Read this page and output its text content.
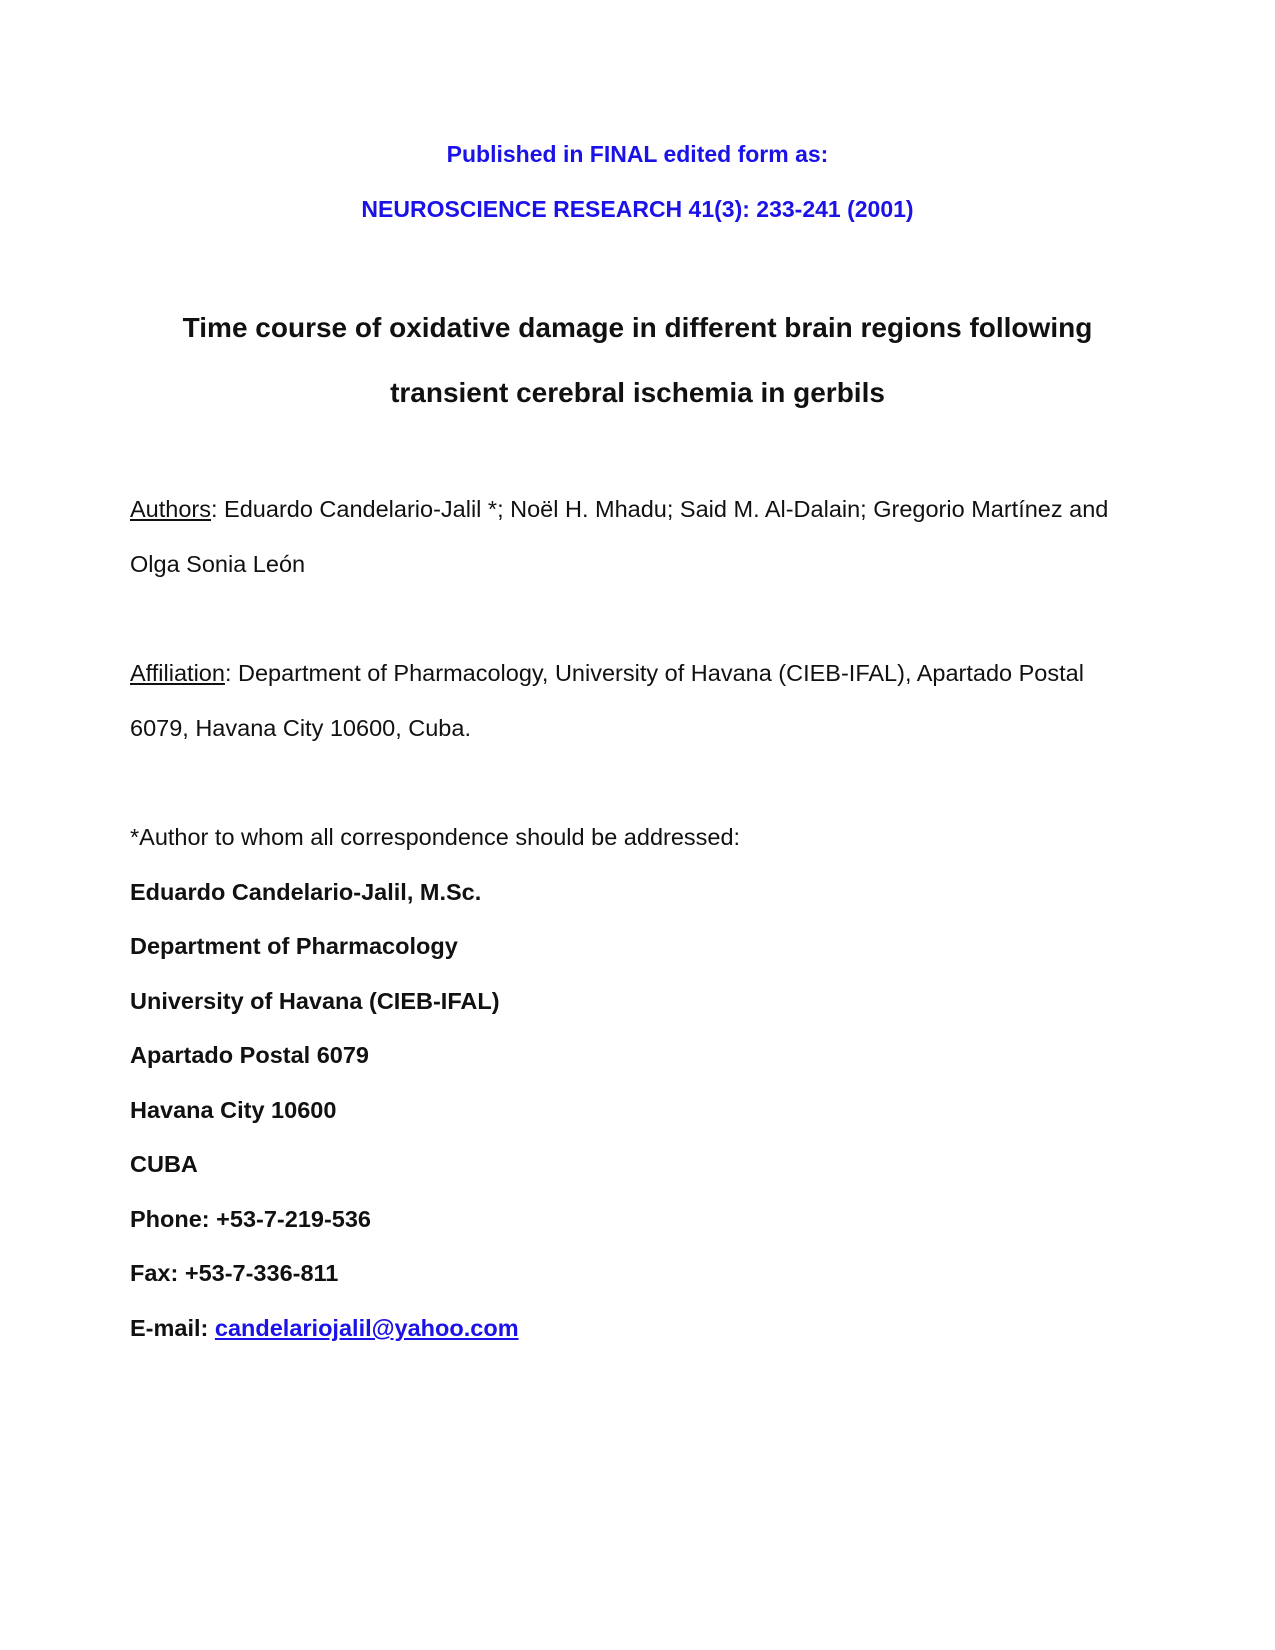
Published in FINAL edited form as:
NEUROSCIENCE RESEARCH 41(3): 233-241 (2001)
Time course of oxidative damage in different brain regions following
transient cerebral ischemia in gerbils
Authors: Eduardo Candelario-Jalil *; Noël H. Mhadu; Said M. Al-Dalain; Gregorio Martínez and
Olga Sonia León
Affiliation: Department of Pharmacology, University of Havana (CIEB-IFAL), Apartado Postal
6079, Havana City 10600, Cuba.
*Author to whom all correspondence should be addressed:
Eduardo Candelario-Jalil, M.Sc.
Department of Pharmacology
University of Havana (CIEB-IFAL)
Apartado Postal 6079
Havana City 10600
CUBA
Phone: +53-7-219-536
Fax: +53-7-336-811
E-mail: candelariojalil@yahoo.com
